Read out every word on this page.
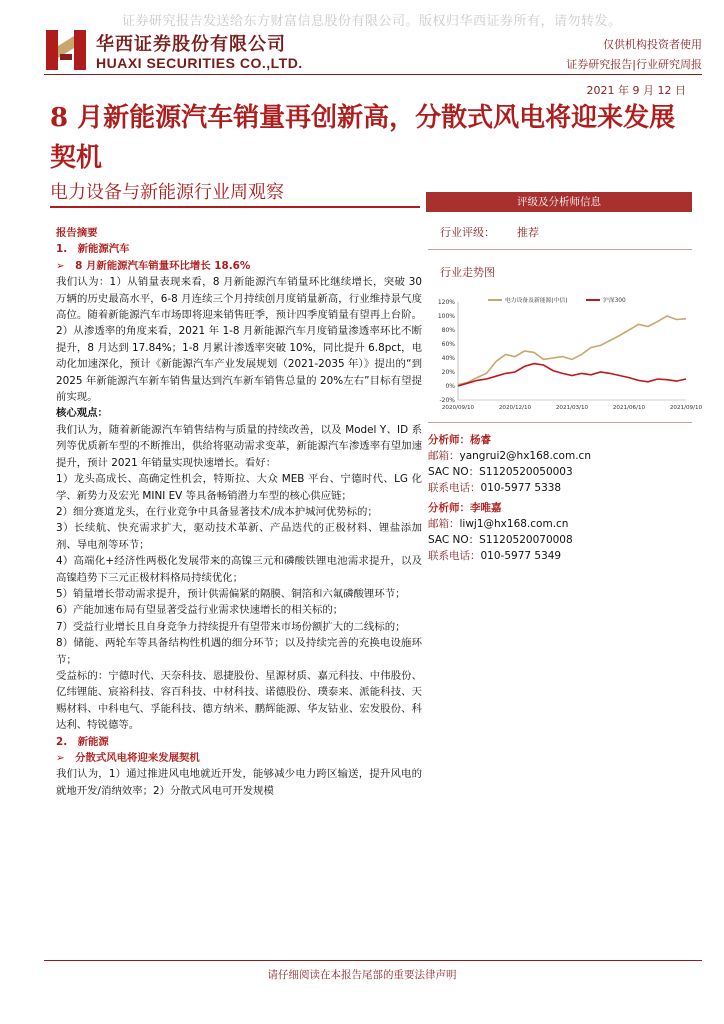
证券研究报告发送给东方财富信息股份有限公司。版权归华西证券所有，请勿转发。
华西证券股份有限公司
HUAXI SECURITIES CO.,LTD.
仅供机构投资者使用
证券研究报告|行业研究周报
2021 年 9 月 12 日
8 月新能源汽车销量再创新高，分散式风电将迎来发展契机
电力设备与新能源行业周观察

报告摘要

1.　新能源汽车

➢　 8 月新能源汽车销量环比增长 18.6%

我们认为：1）从销量表现来看，8 月新能源汽车销量环比继续增长，突破 30 万辆的历史最高水平，6-8 月连续三个月持续创月度销量新高，行业维持景气度高位。随着新能源汽车市场即将迎来销售旺季，预计四季度销量有望再上台阶。2）从渗透率的角度来看，2021 年 1-8 月新能源汽车月度销量渗透率环比不断提升，8 月达到 17.84%；1-8 月累计渗透率突破 10%，同比提升 6.8pct，电动化加速深化，预计《新能源汽车产业发展规划（2021-2035 年）》提出的“到 2025 年新能源汽车新车销售量达到汽车新车销售总量的 20%左右”目标有望提前实现。

核心观点：

我们认为，随着新能源汽车销售结构与质量的持续改善，以及 Model Y、ID 系列等优质新车型的不断推出，供给将驱动需求变革，新能源汽车渗透率有望加速提升，预计 2021 年销量实现快速增长。看好：

1）龙头高成长、高确定性机会，特斯拉、大众 MEB 平台、宁德时代、LG 化学、新势力及宏光 MINI EV 等具备畅销潜力车型的核心供应链；

2）细分赛道龙头，在行业竞争中具备显著技术/成本护城河优势标的；

3）长续航、快充需求扩大，驱动技术革新、产品迭代的正极材料、锂盐添加剂、导电剂等环节；

4）高端化+经济性两极化发展带来的高镍三元和磷酸铁锂电池需求提升，以及高镍趋势下三元正极材料格局持续优化；

5）销量增长带动需求提升，预计供需偏紧的隔膜、铜箔和六氟磷酸锂环节；

6）产能加速布局有望显著受益行业需求快速增长的相关标的；

7）受益行业增长且自身竞争力持续提升有望带来市场份额扩大的二线标的；

8）储能、两轮车等具备结构性机遇的细分环节；以及持续完善的充换电设施环节；

受益标的：宁德时代、天奈科技、恩捷股份、星源材质、嘉元科技、中伟股份、亿纬锂能、宸裕科技、容百科技、中材科技、诺德股份、璞泰来、派能科技、天赐材料、中科电气、孚能科技、德方纳米、鹏辉能源、华友钴业、宏发股份、科达利、特锐德等。

2.　新能源

➢　 分散式风电将迎来发展契机

我们认为，1）通过推进风电地就近开发，能够减少电力跨区输送，提升风电的就地开发/消纳效率；2）分散式风电可开发规模

评级及分析师信息
行业评级： 推荐
行业走势图
120%
100%
80%
60%
40%
20%
0%
-20%
2020/09/10	2020/12/10	2021/03/10	2021/06/10	2021/09/10
电力设备及新能源(中信)	沪深300
分析师：杨睿
邮箱：yangrui2@hx168.com.cn
SAC NO：S1120520050003
联系电话：010-5977 5338
分析师：李唯嘉
邮箱：liwj1@hx168.com.cn
SAC NO：S1120520070008
联系电话：010-5977 5349
请仔细阅读在本报告尾部的重要法律声明
